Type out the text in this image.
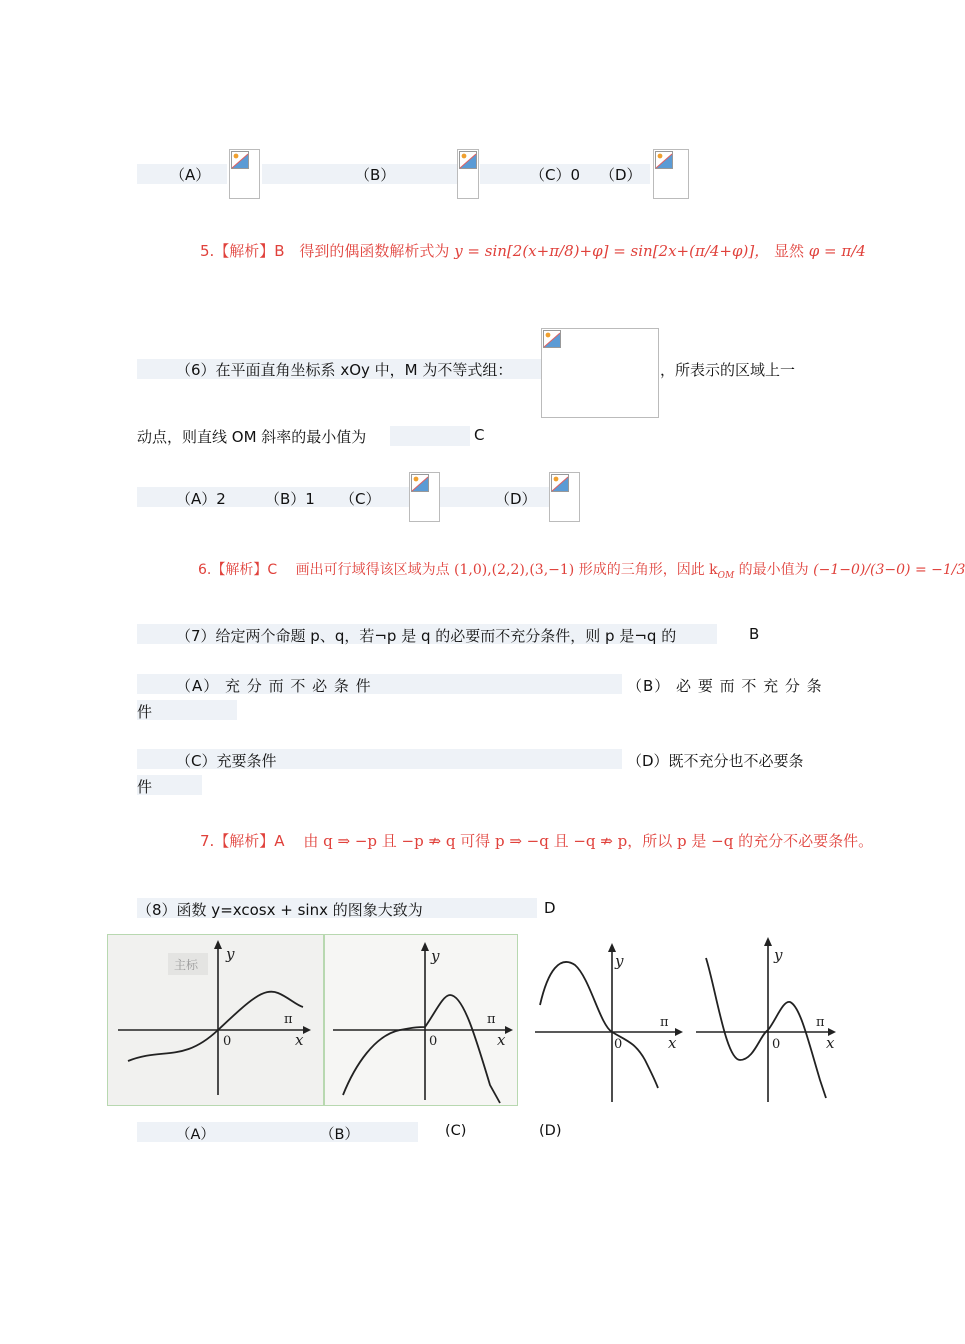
（A）	（B）	（C）0 （D）
5.【解析】B 得到的偶函数解析式为 y = sin[2(x+π/8)+φ] = sin[2x+(π/4+φ)]， 显然 φ = π/4
（6）在平面直角坐标系 xOy 中，M 为不等式组：	，所表示的区域上一
动点，则直线 OM 斜率的最小值为	C
（A）2	（B）1 （C）	（D）
6.【解析】C 画出可行域得该区域为点 (1,0),(2,2),(3,−1) 形成的三角形，因此 $k_{OM}$ 的最小值为 (−1−0)/(3−0) = −1/3
（7）给定两个命题 p、q，若¬p 是 q 的必要而不充分条件，则 p 是¬q 的	B
（A） 充 分 而 不 必 条 件	（B） 必 要 而 不 充 分 条
件
（C）充要条件	（D）既不充分也不必要条
件
7.【解析】A 由 q ⇒ −p 且 −p ⇏ q 可得 p ⇒ −q 且 −q ⇏ p，所以 p 是 −q 的充分不必要条件。
（8）函数 y=xcosx + sinx 的图象大致为	D
主标
y
x
0
π
y
x
0
π
y
x
0
π
y
x
0
π
（A）	（B）	(C)	(D)
